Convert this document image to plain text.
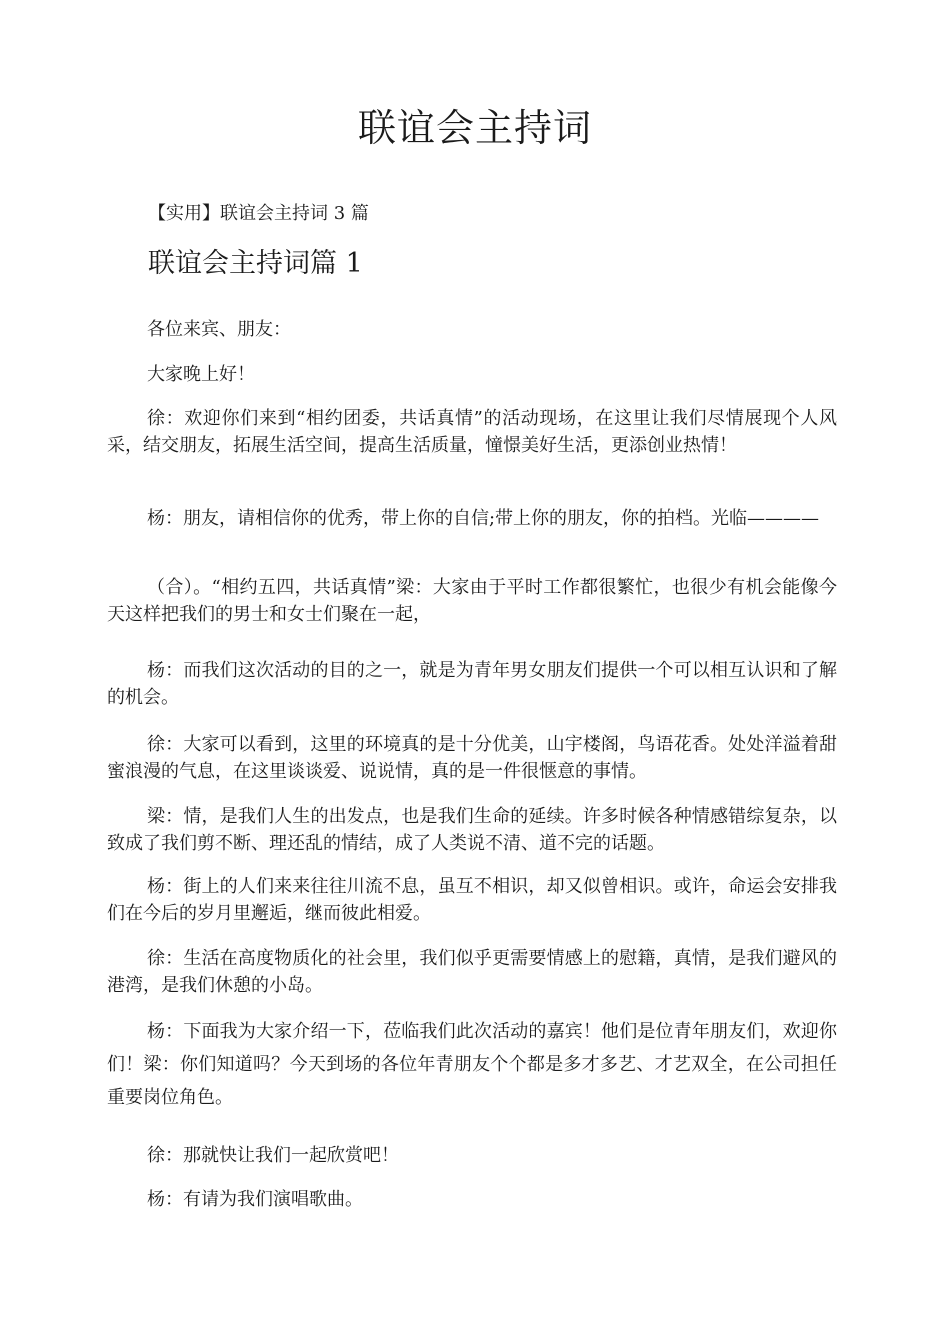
联谊会主持词

【实用】联谊会主持词 3 篇

联谊会主持词篇 1

各位来宾、朋友：

大家晚上好！

徐：欢迎你们来到“相约团委，共话真情”的活动现场，在这里让我们尽情展现个人风采，结交朋友，拓展生活空间，提高生活质量，憧憬美好生活，更添创业热情！

杨：朋友，请相信你的优秀，带上你的自信;带上你的朋友，你的拍档。光临————

（合）。“相约五四，共话真情”梁：大家由于平时工作都很繁忙，也很少有机会能像今天这样把我们的男士和女士们聚在一起，

杨：而我们这次活动的目的之一，就是为青年男女朋友们提供一个可以相互认识和了解的机会。

徐：大家可以看到，这里的环境真的是十分优美，山宇楼阁，鸟语花香。处处洋溢着甜蜜浪漫的气息，在这里谈谈爱、说说情，真的是一件很惬意的事情。

梁：情，是我们人生的出发点，也是我们生命的延续。许多时候各种情感错综复杂，以致成了我们剪不断、理还乱的情结，成了人类说不清、道不完的话题。

杨：街上的人们来来往往川流不息，虽互不相识，却又似曾相识。或许，命运会安排我们在今后的岁月里邂逅，继而彼此相爱。

徐：生活在高度物质化的社会里，我们似乎更需要情感上的慰籍，真情，是我们避风的港湾，是我们休憩的小岛。

杨：下面我为大家介绍一下，莅临我们此次活动的嘉宾！他们是位青年朋友们，欢迎你们！梁：你们知道吗？今天到场的各位年青朋友个个都是多才多艺、才艺双全，在公司担任重要岗位角色。

徐：那就快让我们一起欣赏吧！

杨：有请为我们演唱歌曲。
